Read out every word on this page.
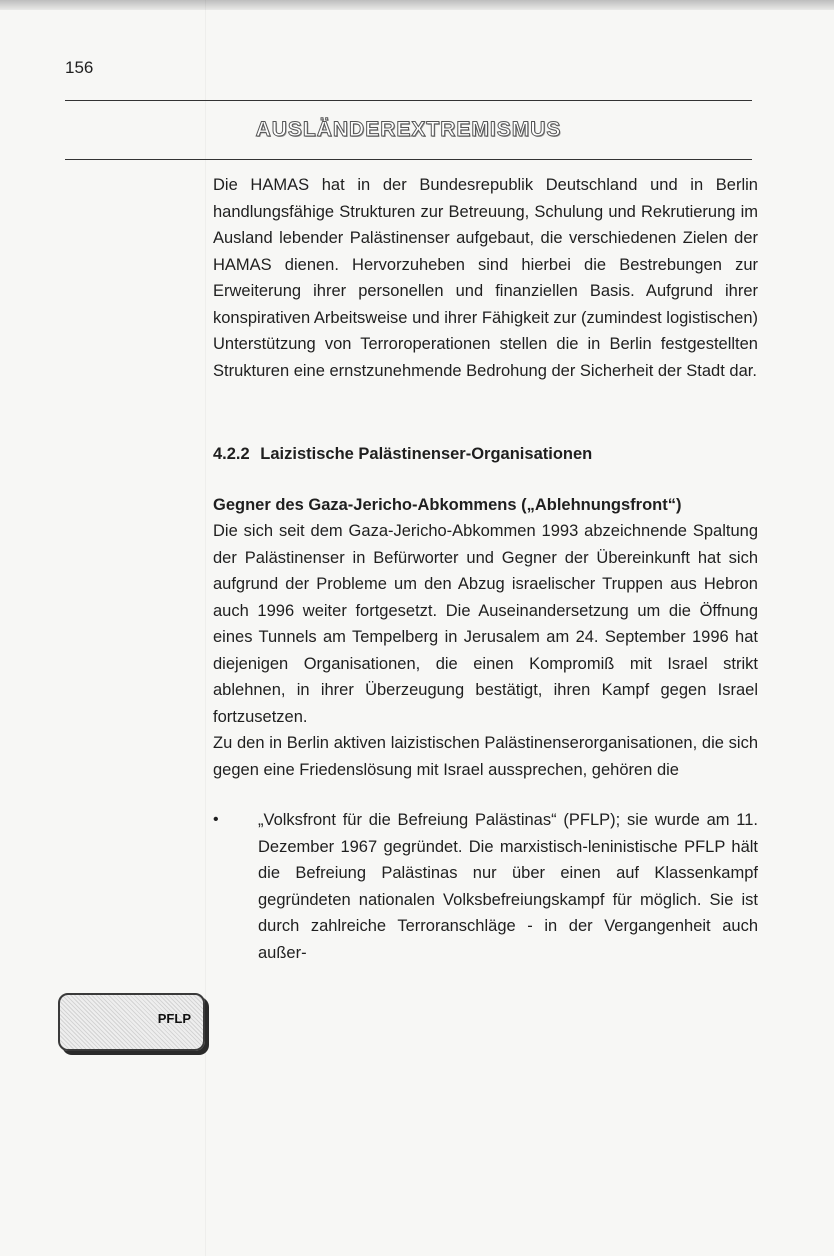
156
AUSLÄNDEREXTREMISMUS

Die HAMAS hat in der Bundesrepublik Deutschland und in Berlin handlungsfähige Strukturen zur Betreuung, Schulung und Rekrutierung im Ausland lebender Palästinenser aufgebaut, die verschiedenen Zielen der HAMAS dienen. Hervorzuheben sind hierbei die Bestrebungen zur Erweiterung ihrer personellen und finanziellen Basis. Aufgrund ihrer konspirativen Arbeitsweise und ihrer Fähigkeit zur (zumindest logistischen) Unterstützung von Terroroperationen stellen die in Berlin festgestellten Strukturen eine ernstzunehmende Bedrohung der Sicherheit der Stadt dar.

4.2.2 Laizistische Palästinenser-Organisationen
Gegner des Gaza-Jericho-Abkommens („Ablehnungsfront“)

Die sich seit dem Gaza-Jericho-Abkommen 1993 abzeichnende Spaltung der Palästinenser in Befürworter und Gegner der Übereinkunft hat sich aufgrund der Probleme um den Abzug israelischer Truppen aus Hebron auch 1996 weiter fortgesetzt. Die Auseinandersetzung um die Öffnung eines Tunnels am Tempelberg in Jerusalem am 24. September 1996 hat diejenigen Organisationen, die einen Kompromiß mit Israel strikt ablehnen, in ihrer Überzeugung bestätigt, ihren Kampf gegen Israel fortzusetzen.

Zu den in Berlin aktiven laizistischen Palästinenserorganisationen, die sich gegen eine Friedenslösung mit Israel aussprechen, gehören die

• „Volksfront für die Befreiung Palästinas“ (PFLP); sie wurde am 11. Dezember 1967 gegründet. Die marxistisch-leninistische PFLP hält die Befreiung Palästinas nur über einen auf Klassenkampf gegründeten nationalen Volksbefreiungskampf für möglich. Sie ist durch zahlreiche Terroranschläge - in der Vergangenheit auch außer-

PFLP
